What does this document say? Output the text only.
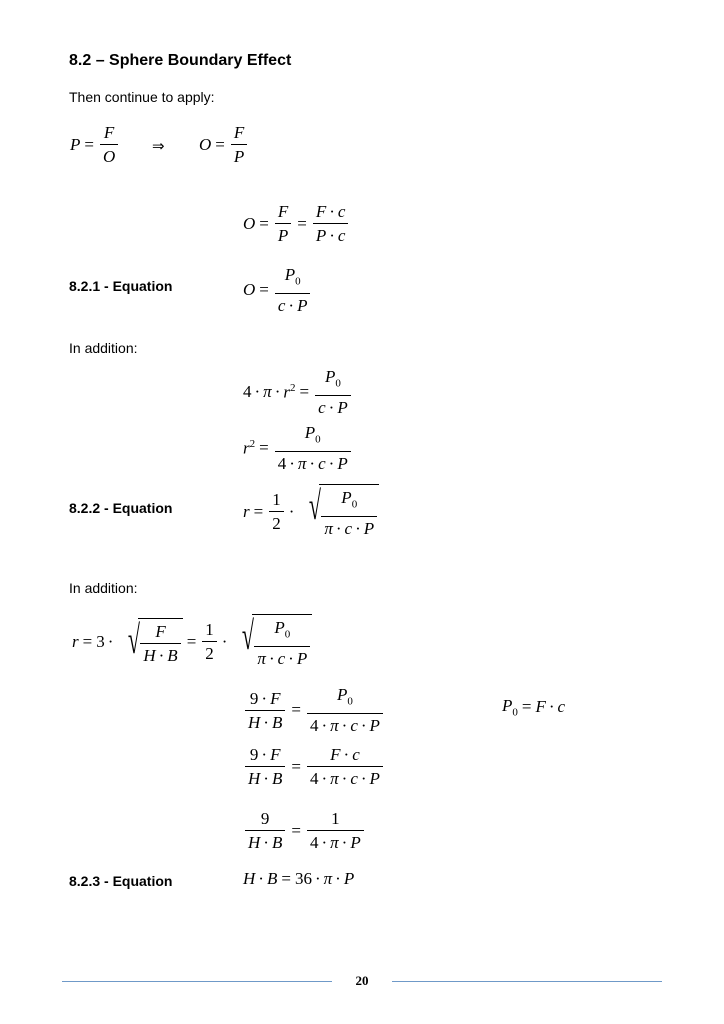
8.2 – Sphere Boundary Effect
Then continue to apply:
$P = \frac{F}{O}$ ⇒ $O = \frac{F}{P}$
$O = \frac{F}{P} = \frac{F \cdot c}{P \cdot c}$
8.2.1 - Equation	$O = \frac{P_0}{c \cdot P}$
In addition:
$4 \cdot \pi \cdot r^2 = \frac{P_0}{c \cdot P}$
$r^2 = \frac{P_0}{4 \cdot \pi \cdot c \cdot P}$
8.2.2 - Equation	$r = \frac{1}{2}$ · √ $\frac{P_0}{\pi \cdot c \cdot P}$
In addition:
r = 3 · √ $\frac{F}{H \cdot B} = \frac{1}{2}$ · √ $\frac{P_0}{\pi \cdot c \cdot P}$
$\frac{9 \cdot F}{H \cdot B} = \frac{P_0}{4 \cdot \pi \cdot c \cdot P}$	$P_0 = F \cdot c$
$\frac{9 \cdot F}{H \cdot B} = \frac{F \cdot c}{4 \cdot \pi \cdot c \cdot P}$
$\frac{9}{H \cdot B} = \frac{1}{4 \cdot \pi \cdot P}$
8.2.3 - Equation	H · B = 36 · π · P
20
